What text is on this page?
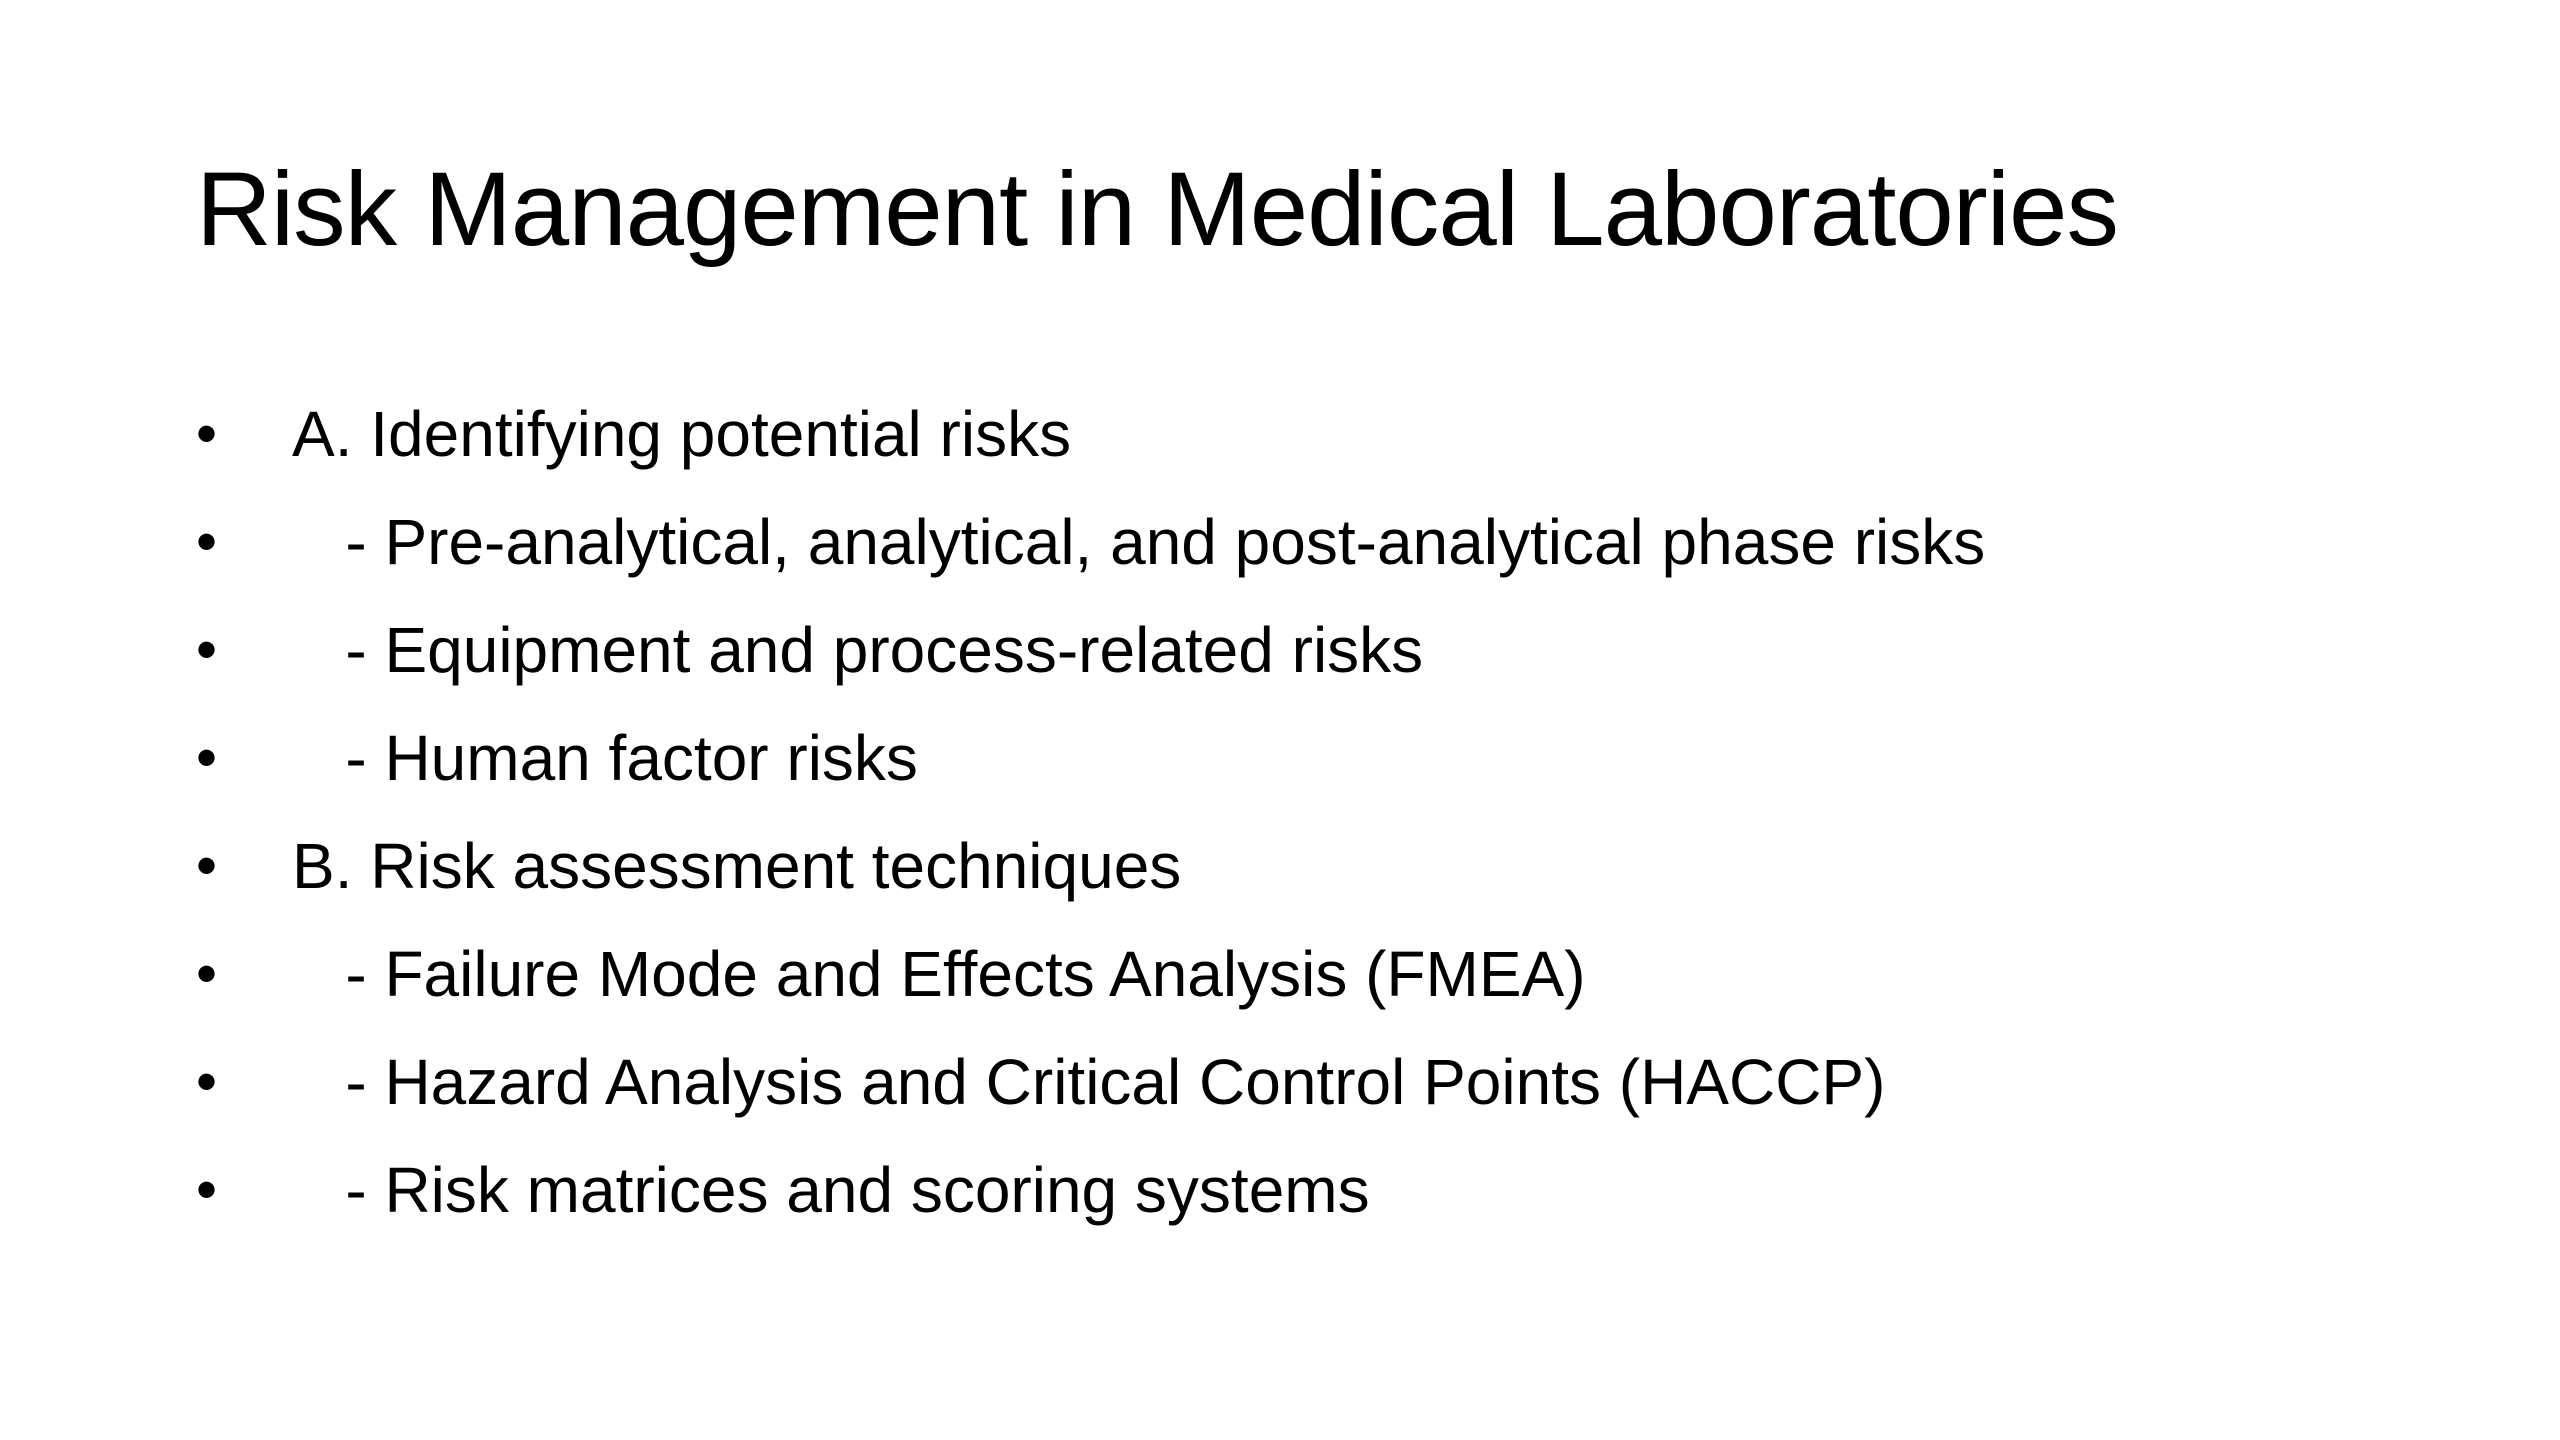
Risk Management in Medical Laboratories
•	A. Identifying potential risks
•	- Pre-analytical, analytical, and post-analytical phase risks
•	- Equipment and process-related risks
•	- Human factor risks
•	B. Risk assessment techniques
•	- Failure Mode and Effects Analysis (FMEA)
•	- Hazard Analysis and Critical Control Points (HACCP)
•	- Risk matrices and scoring systems
